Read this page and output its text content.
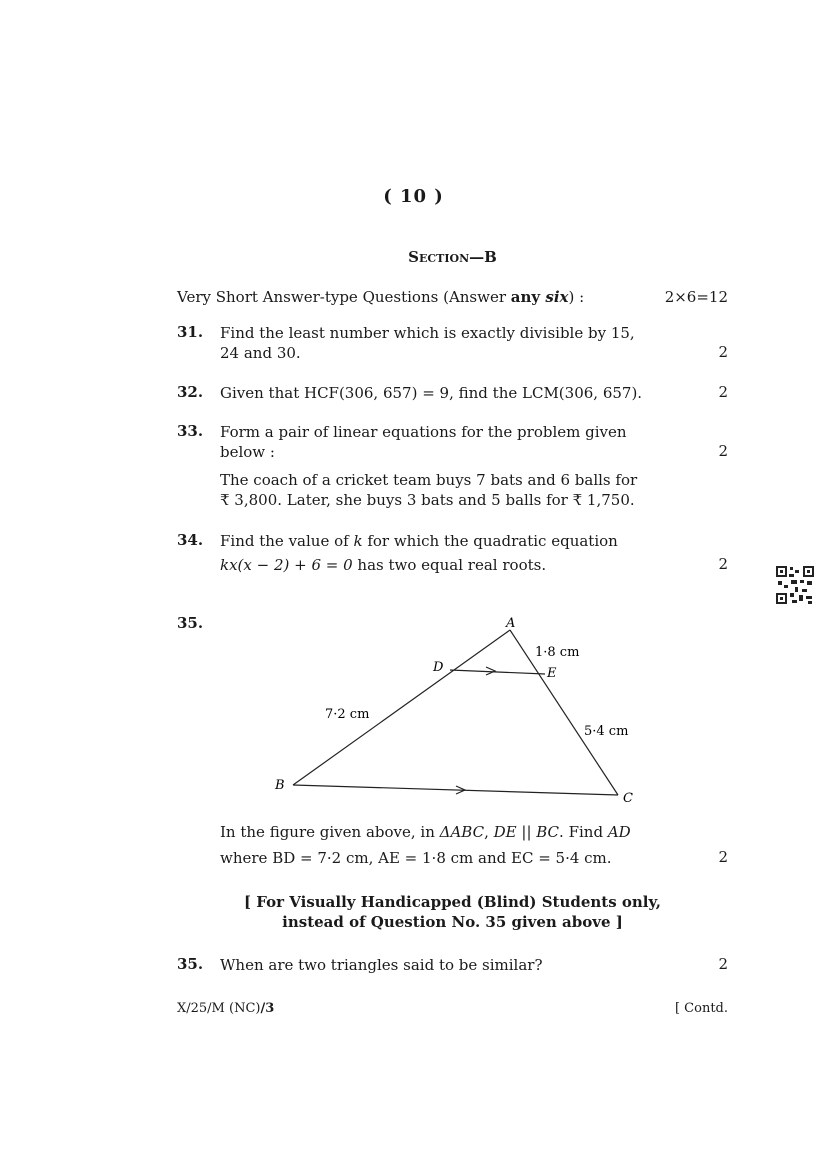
( 10 )
SECTION—B
Very Short Answer-type Questions (Answer any six) :	2×6=12
31. Find the least number which is exactly divisible by 15,
24 and 30.	2
32. Given that HCF(306, 657) = 9, find the LCM(306, 657).	2
33. Form a pair of linear equations for the problem given
below :
The coach of a cricket team buys 7 bats and 6 balls for
₹ 3,800. Later, she buys 3 bats and 5 balls for ₹ 1,750.
2
34. Find the value of k for which the quadratic equation
kx(x − 2) + 6 = 0 has two equal real roots.	2
35.	A
B
C
D	E
1·8 cm
7·2 cm
5·4 cm
In the figure given above, in ΔABC, DE || BC. Find AD
where BD = 7·2 cm, AE = 1·8 cm and EC = 5·4 cm.	2
[ For Visually Handicapped (Blind) Students only,
instead of Question No. 35 given above ]
35. When are two triangles said to be similar?	2
X/25/M (NC)/3	[ Contd.
